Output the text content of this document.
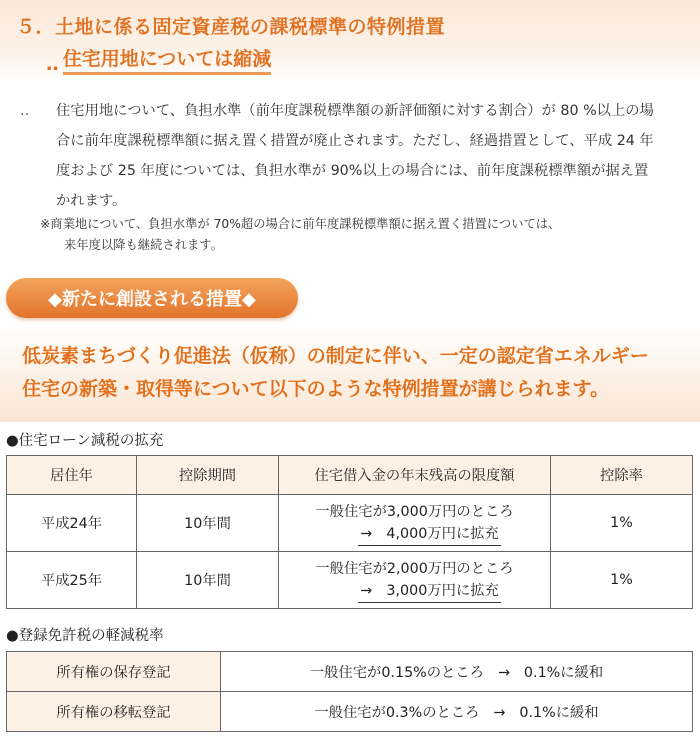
５．土地に係る固定資産税の課税標準の特例措置
‥ 住宅用地については縮減
‥ 住宅用地について、負担水準（前年度課税標準額の新評価額に対する割合）が 80 %以上の場合に前年度課税標準額に据え置く措置が廃止されます。ただし、経過措置として、平成 24 年度および 25 年度については、負担水準が 90%以上の場合には、前年度課税標準額が据え置かれます。
※商業地について、負担水準が 70%超の場合に前年度課税標準額に据え置く措置については、
来年度以降も継続されます。
◆新たに創設される措置◆
低炭素まちづくり促進法（仮称）の制定に伴い、一定の認定省エネルギー
住宅の新築・取得等について以下のような特例措置が講じられます。
●住宅ローン減税の拡充
居住年	控除期間	住宅借入金の年末残高の限度額	控除率
平成24年	10年間	一般住宅が3,000万円のところ
→　4,000万円に拡充	1%
平成25年	10年間	一般住宅が2,000万円のところ
→　3,000万円に拡充	1%
●登録免許税の軽減税率
所有権の保存登記	一般住宅が0.15%のところ → 0.1%に緩和
所有権の移転登記	一般住宅が0.3%のところ → 0.1%に緩和
